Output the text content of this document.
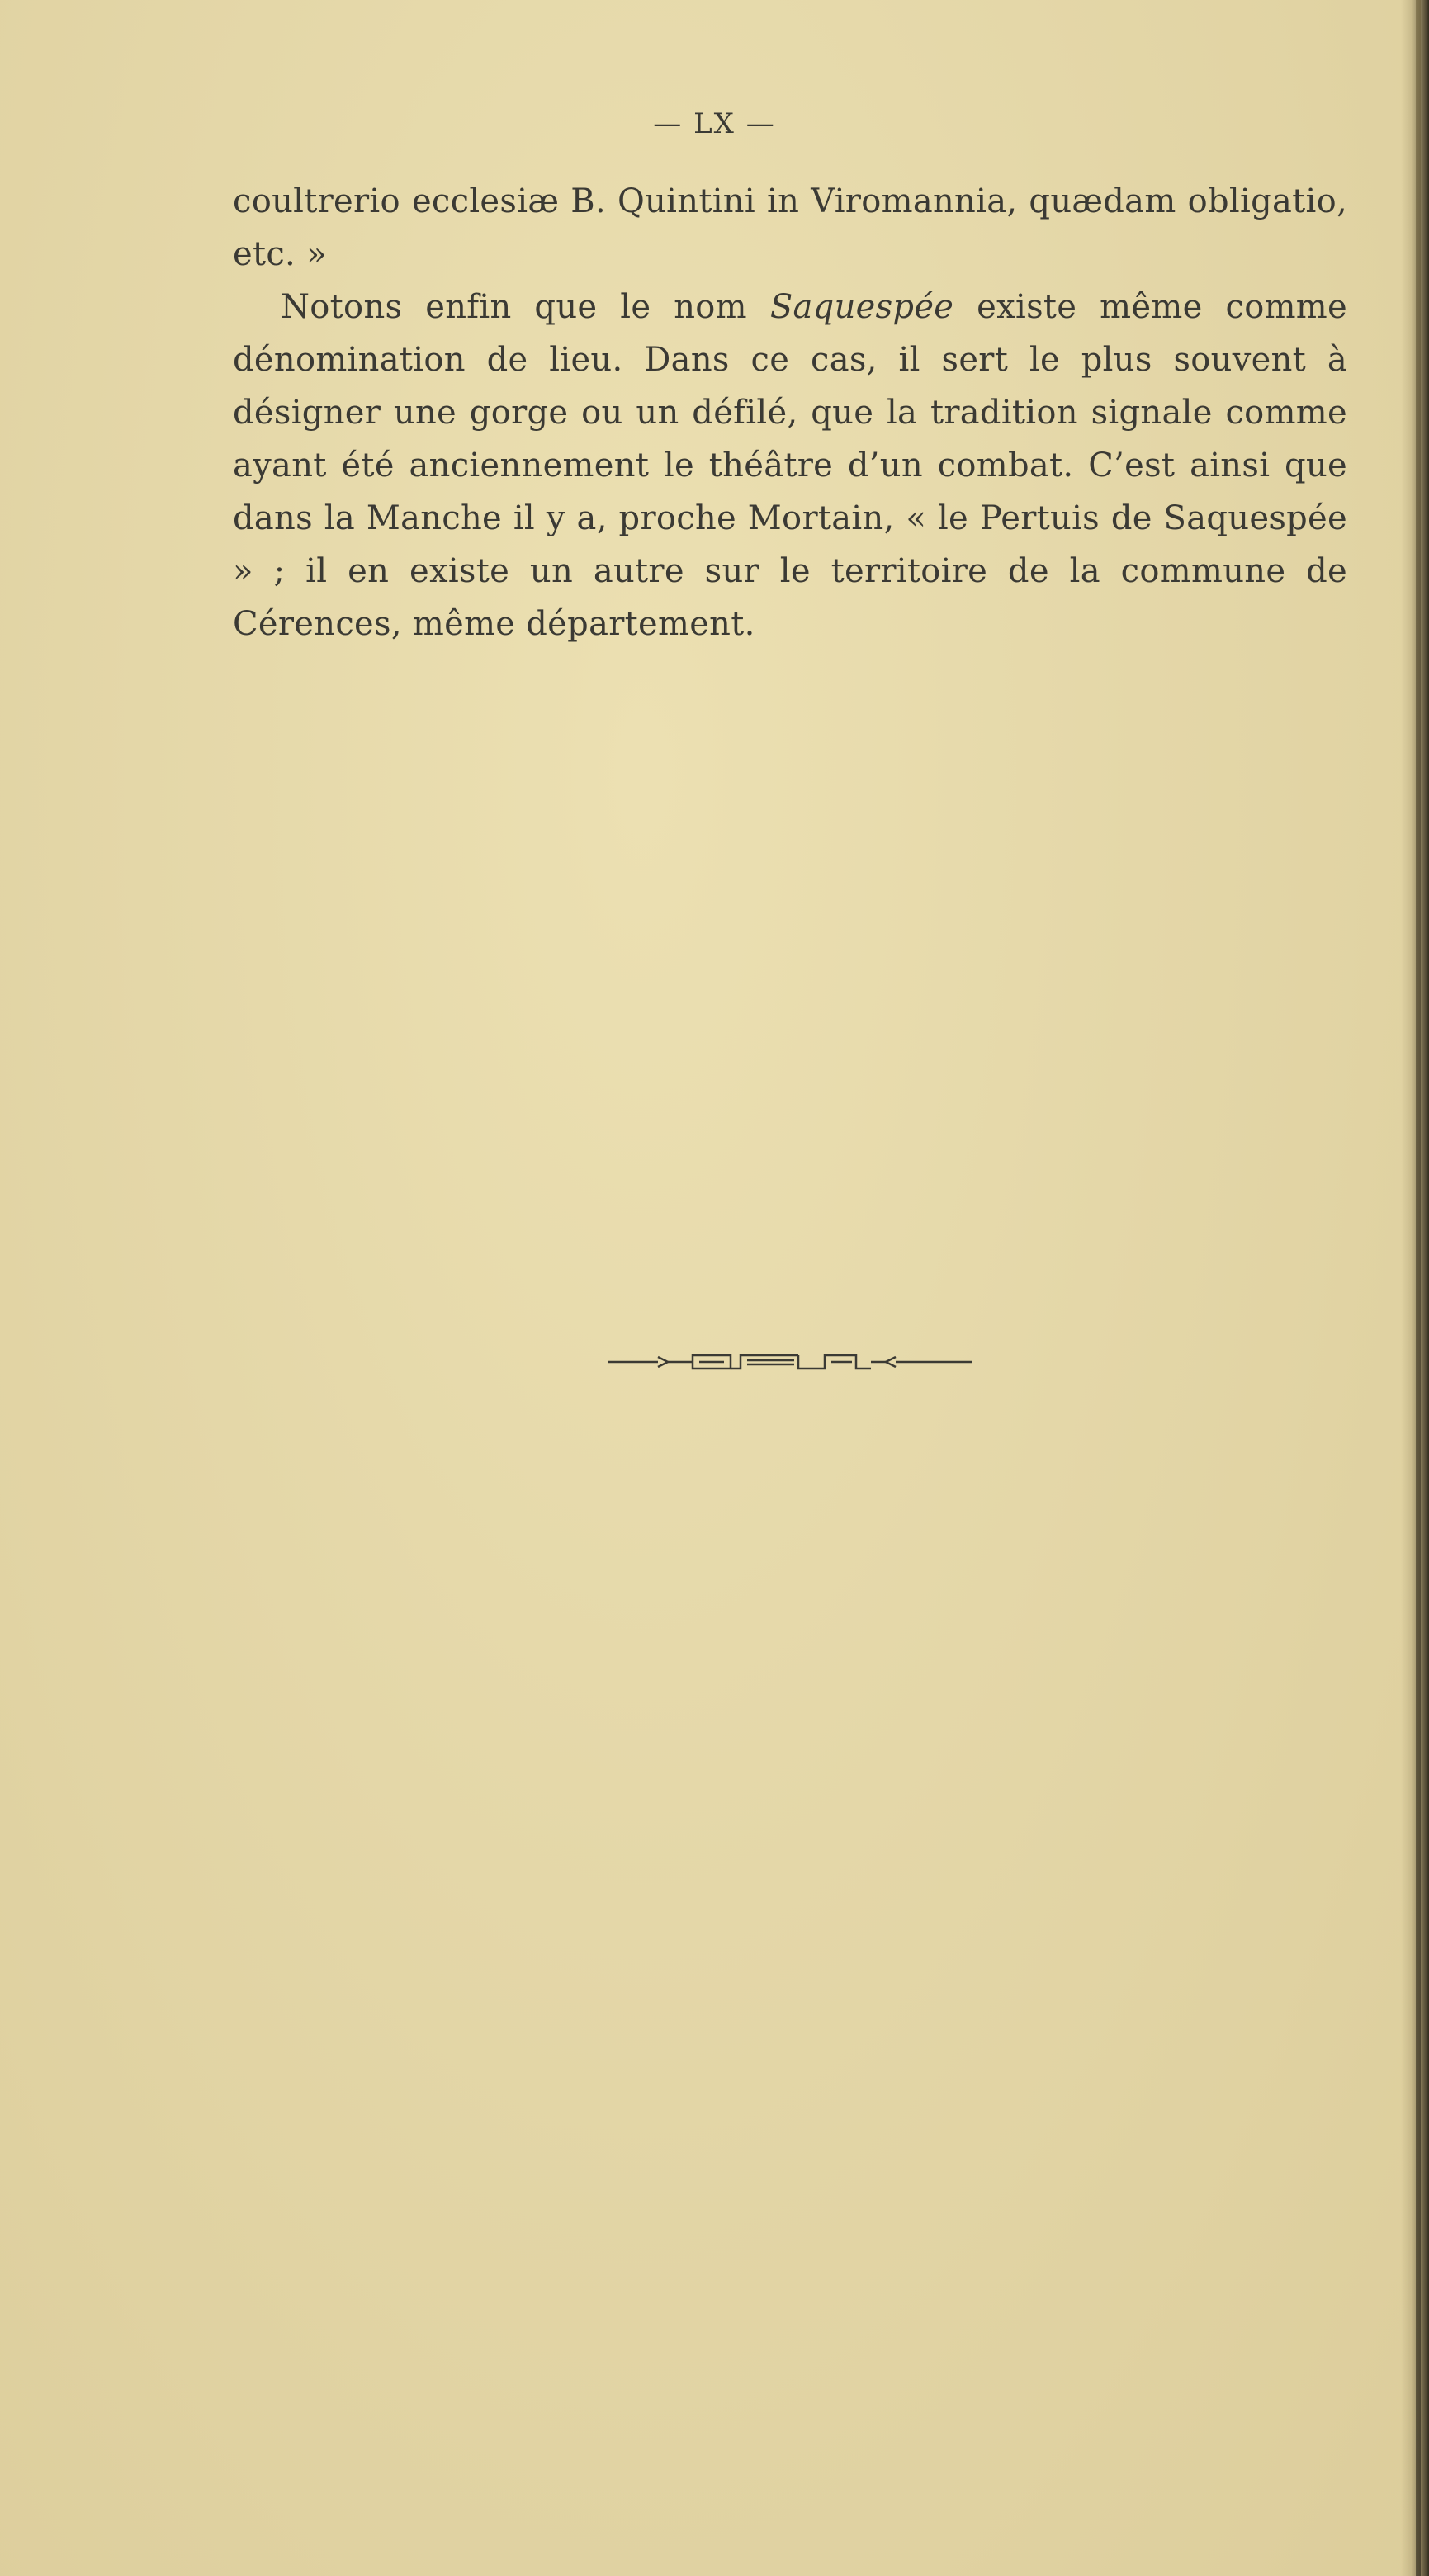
— LX —

coultrerio ecclesiæ B. Quintini in Viromannia, quædam obligatio, etc. »

Notons enfin que le nom Saquespée existe même comme dénomination de lieu. Dans ce cas, il sert le plus souvent à désigner une gorge ou un défilé, que la tradition signale comme ayant été anciennement le théâtre d’un combat. C’est ainsi que dans la Manche il y a, proche Mortain, « le Pertuis de Saquespée » ; il en existe un autre sur le territoire de la commune de Cérences, même département.
